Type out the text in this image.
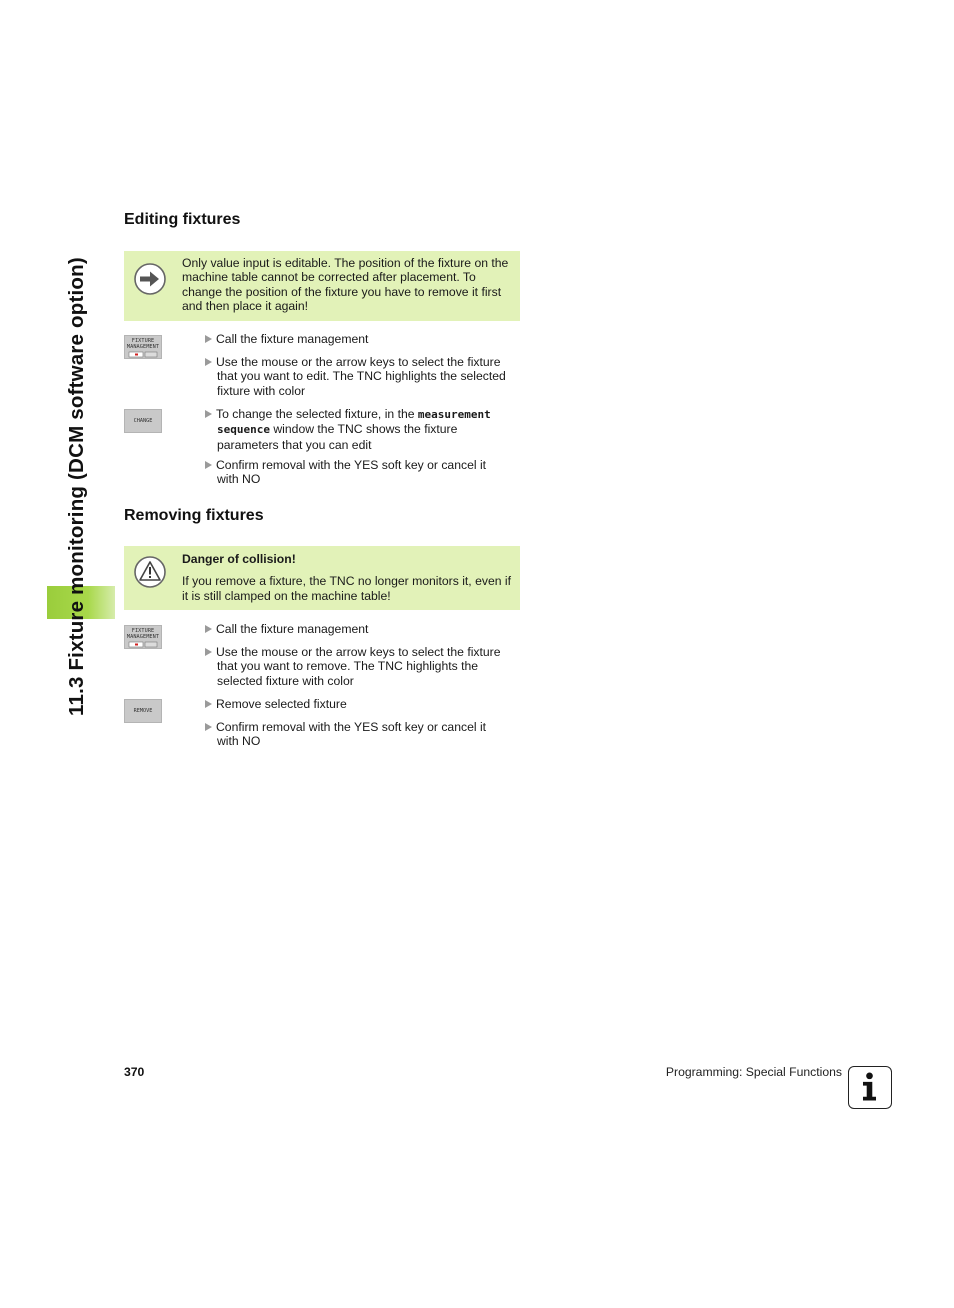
11.3 Fixture monitoring (DCM software option)
Editing fixtures
Only value input is editable. The position of the fixture on the machine table cannot be corrected after placement. To change the position of the fixture you have to remove it first and then place it again!
FIXTURE
MANAGEMENT
Call the fixture management
Use the mouse or the arrow keys to select the fixture
that you want to edit. The TNC highlights the selected
fixture with color
CHANGE	To change the selected fixture, in the measurement
sequence window the TNC shows the fixture
parameters that you can edit
Confirm removal with the YES soft key or cancel it
with NO
Removing fixtures
Danger of collision!
If you remove a fixture, the TNC no longer monitors it, even if it is still clamped on the machine table!
FIXTURE
MANAGEMENT
Call the fixture management
Use the mouse or the arrow keys to select the fixture
that you want to remove. The TNC highlights the
selected fixture with color
REMOVE	Remove selected fixture
Confirm removal with the YES soft key or cancel it
with NO
370	Programming: Special Functions
